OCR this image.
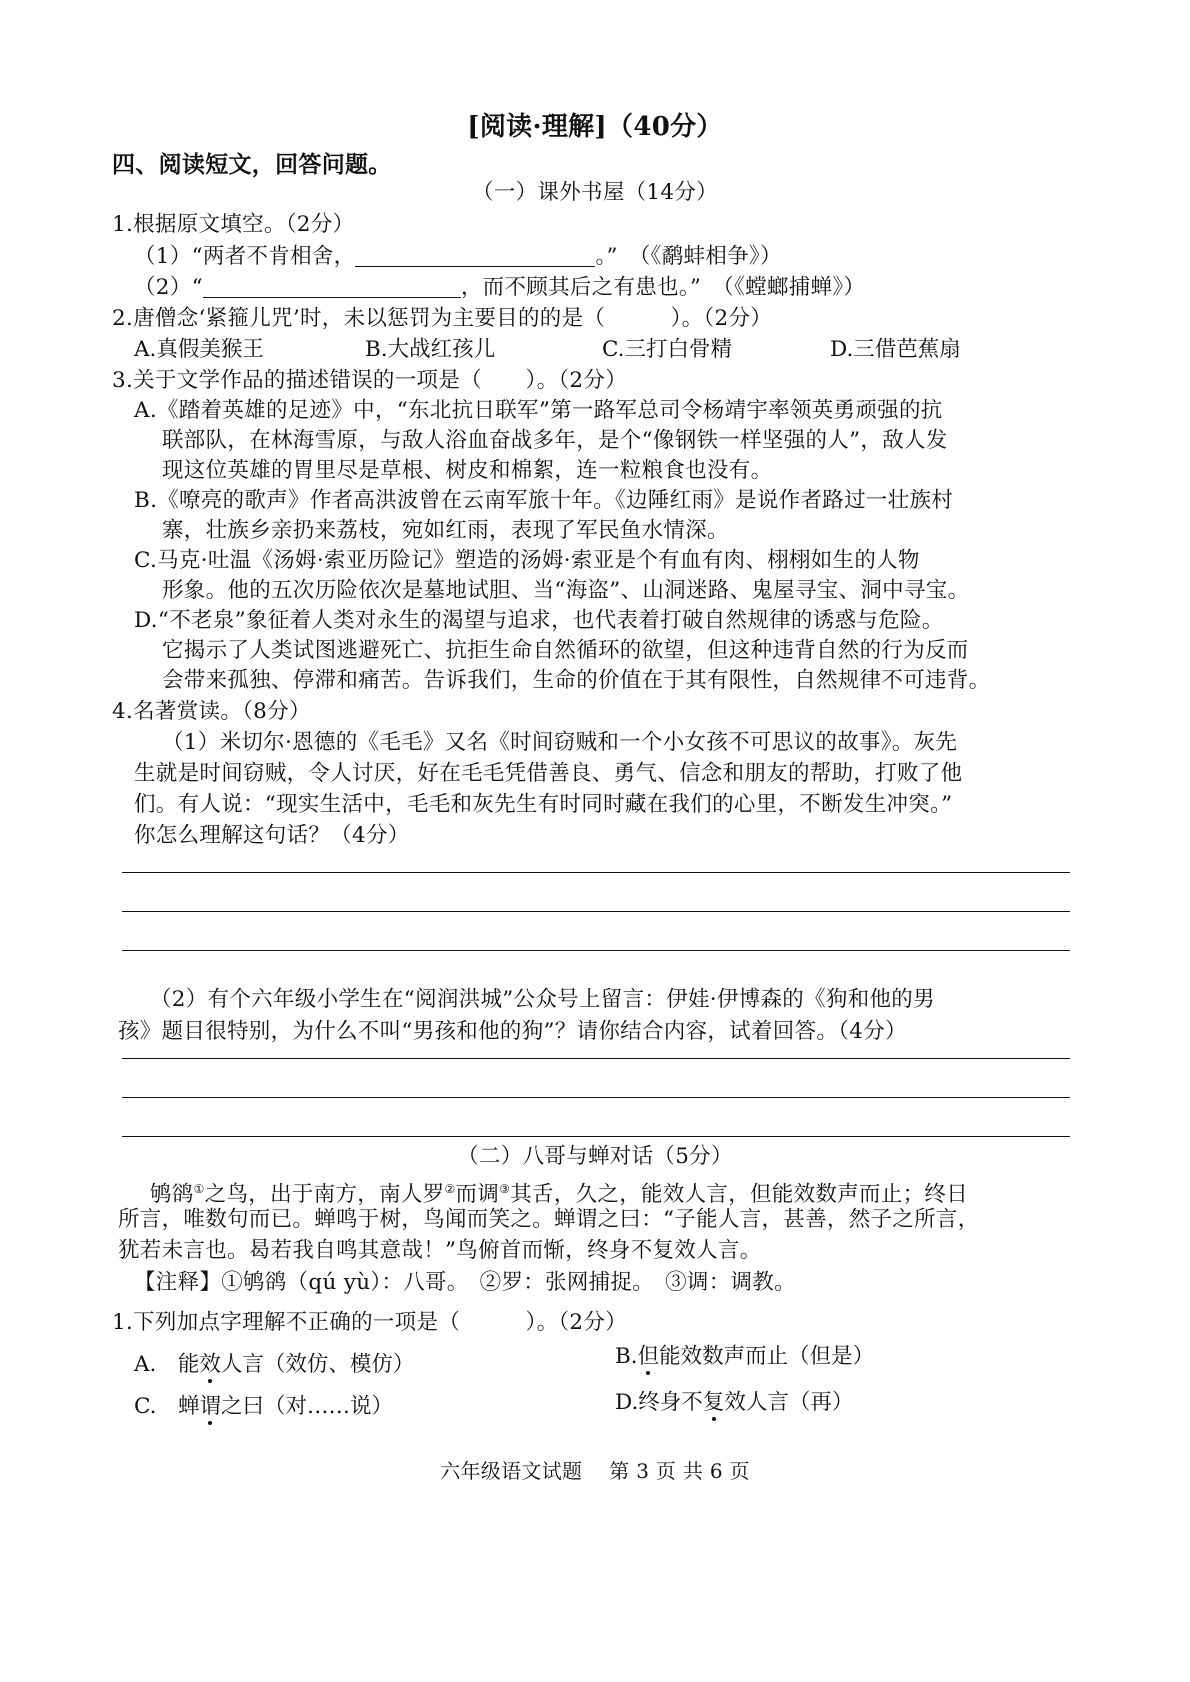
[阅读·理解]（40分）
四、阅读短文，回答问题。
（一）课外书屋（14分）
1.根据原文填空。（2分）
（1）“两者不肯相舍，	。”　（《鹬蚌相争》）
（2）“	，而不顾其后之有患也。”　（《螳螂捕蝉》）
2.唐僧念‘紧箍儿咒’时，未以惩罚为主要目的的是（　　　）。（2分）
A.真假美猴王	B.大战红孩儿	C.三打白骨精	D.三借芭蕉扇
3.关于文学作品的描述错误的一项是（　　）。（2分）
A.《踏着英雄的足迹》中，“东北抗日联军”第一路军总司令杨靖宇率领英勇顽强的抗
联部队，在林海雪原，与敌人浴血奋战多年，是个“像钢铁一样坚强的人”，敌人发
现这位英雄的胃里尽是草根、树皮和棉絮，连一粒粮食也没有。
B.《嘹亮的歌声》作者高洪波曾在云南军旅十年。《边陲红雨》是说作者路过一壮族村
寨，壮族乡亲扔来荔枝，宛如红雨，表现了军民鱼水情深。
C.马克·吐温《汤姆·索亚历险记》塑造的汤姆·索亚是个有血有肉、栩栩如生的人物
形象。他的五次历险依次是墓地试胆、当“海盗”、山洞迷路、鬼屋寻宝、洞中寻宝。
D.“不老泉”象征着人类对永生的渴望与追求，也代表着打破自然规律的诱惑与危险。
它揭示了人类试图逃避死亡、抗拒生命自然循环的欲望，但这种违背自然的行为反而
会带来孤独、停滞和痛苦。告诉我们，生命的价值在于其有限性，自然规律不可违背。
4.名著赏读。（8分）
（1）米切尔·恩德的《毛毛》又名《时间窃贼和一个小女孩不可思议的故事》。灰先
生就是时间窃贼，令人讨厌，好在毛毛凭借善良、勇气、信念和朋友的帮助，打败了他
们。有人说：“现实生活中，毛毛和灰先生有时同时藏在我们的心里，不断发生冲突。”
你怎么理解这句话？（4分）
（2）有个六年级小学生在“阅润洪城”公众号上留言：伊娃·伊博森的《狗和他的男
孩》题目很特别，为什么不叫“男孩和他的狗”？请你结合内容，试着回答。（4分）
（二）八哥与蝉对话（5分）
鸲鹆①之鸟，出于南方，南人罗②而调③其舌，久之，能效人言，但能效数声而止；终日
所言，唯数句而已。蝉鸣于树，鸟闻而笑之。蝉谓之曰：“子能人言，甚善，然子之所言，
犹若未言也。曷若我自鸣其意哉！”鸟俯首而惭，终身不复效人言。
【注释】①鸲鹆（qú yù）：八哥。　②罗：张网捕捉。　③调：调教。
1.下列加点字理解不正确的一项是（　　　）。（2分）
A.　能效人言（效仿、模仿）	B.但能效数声而止（但是）
C.　蝉谓之曰（对……说）	D.终身不复效人言（再）
六年级语文试题　 第 3 页 共 6 页
